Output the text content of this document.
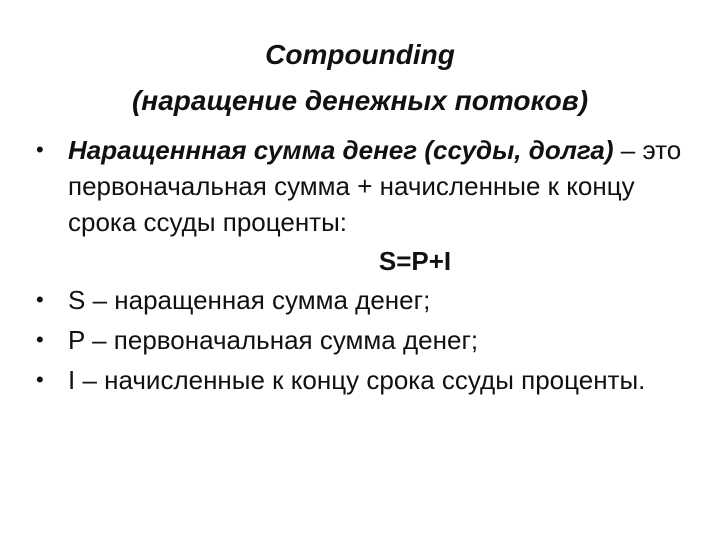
Compounding
(наращение денежных потоков)
• Наращеннная сумма денег (ссуды, долга) – это первоначальная сумма + начисленные к концу срока ссуды проценты:
S=P+I
• S – наращенная сумма денег;
• P – первоначальная сумма денег;
• I – начисленные к концу срока ссуды проценты.
